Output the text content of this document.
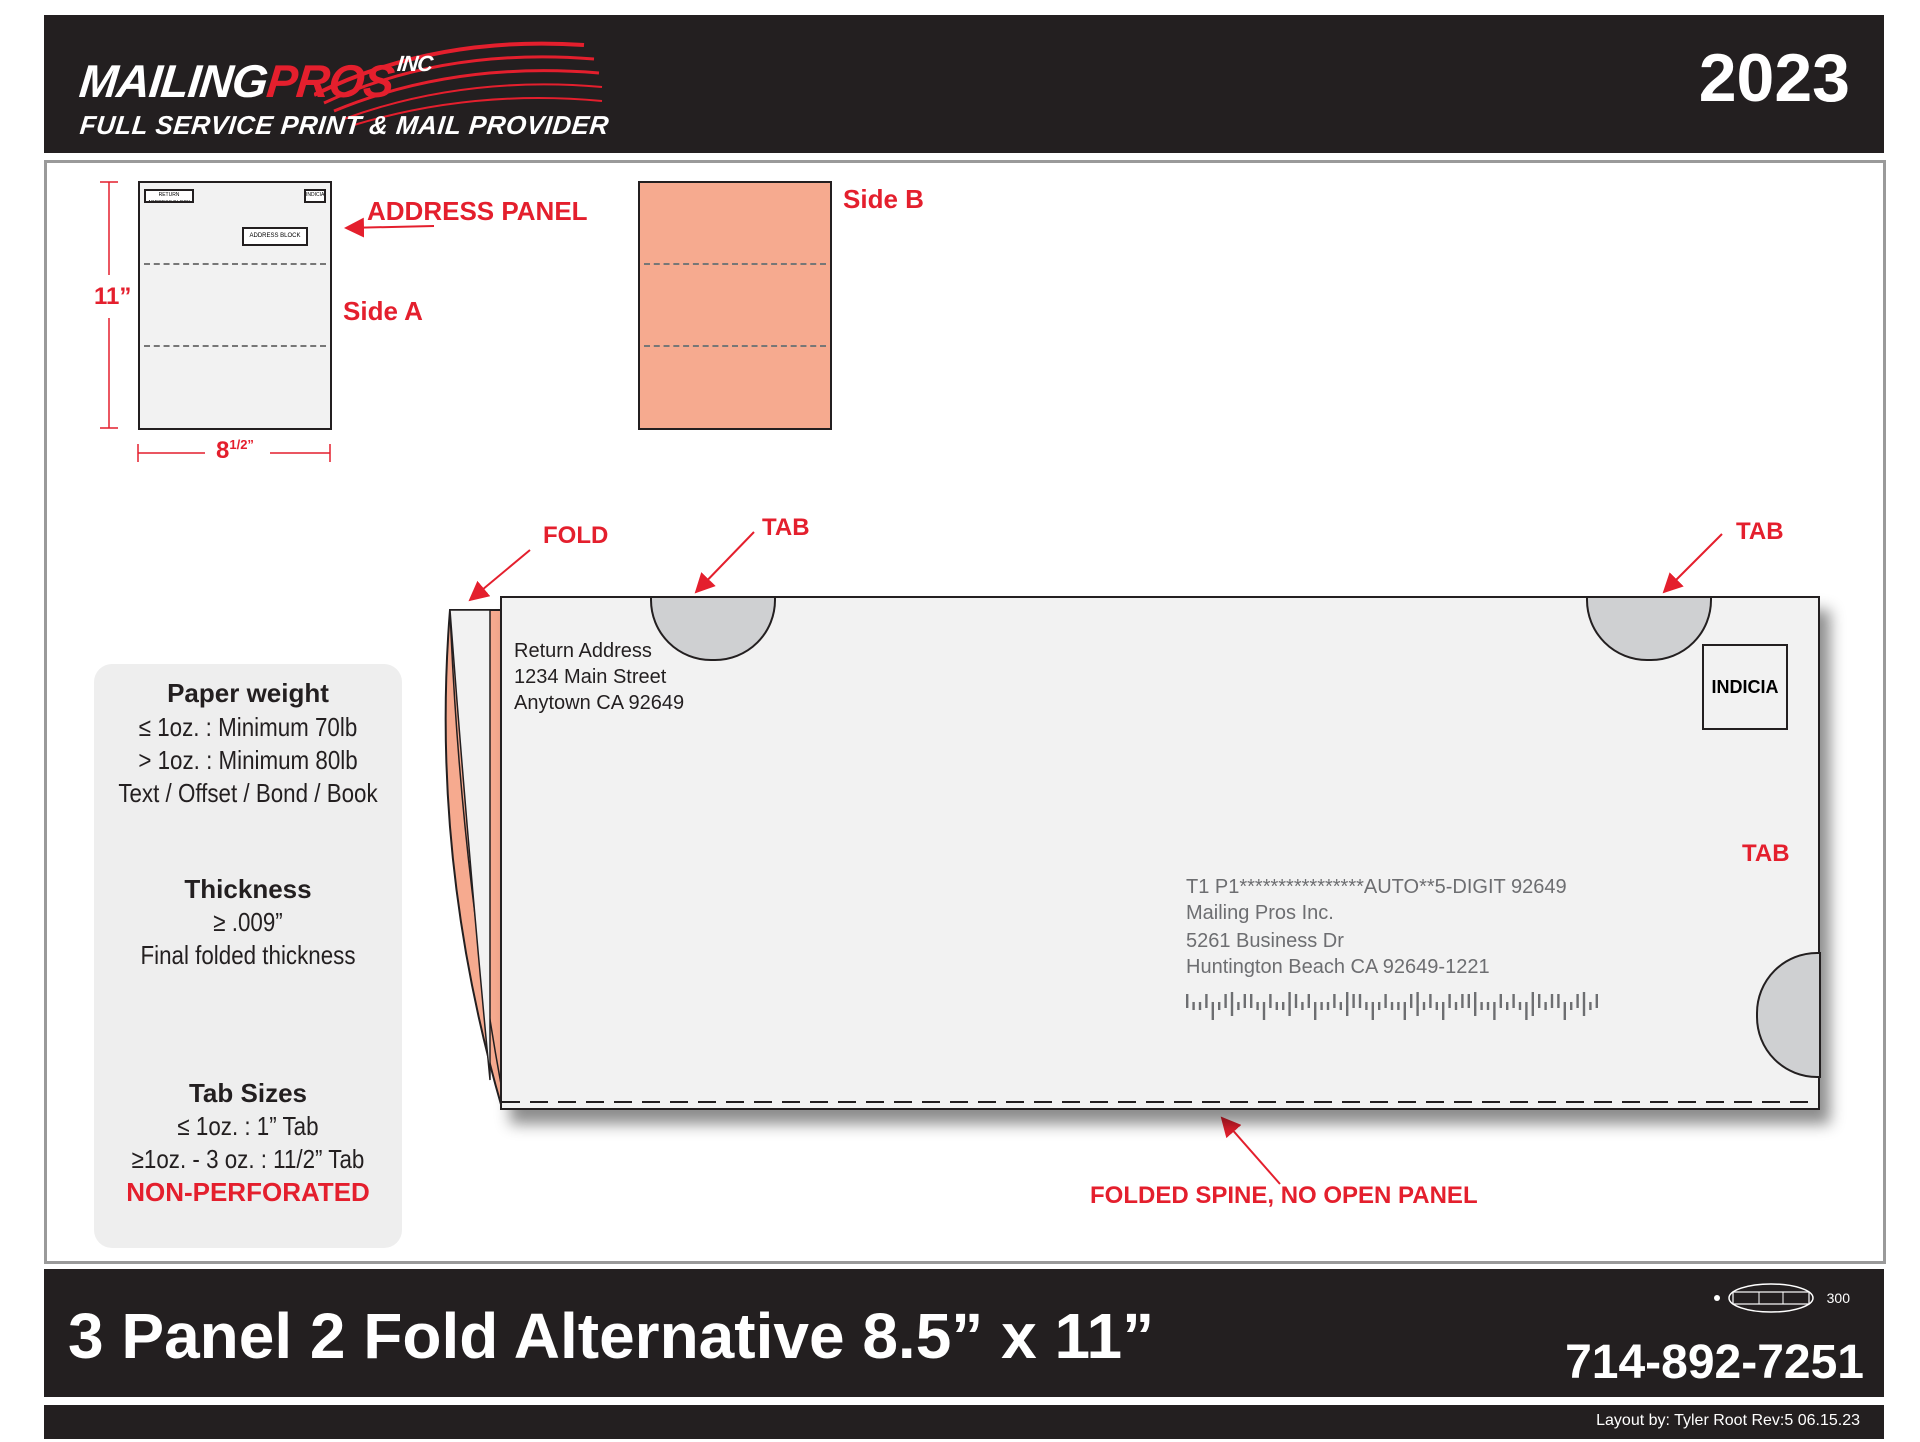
$MAILINGPROS^{INC}$
FULL SERVICE PRINT & MAIL PROVIDER
2023
11”
$8^{1/2”}$
RETURN ADDRESS BLOCK
INDICIA
ADDRESS BLOCK
ADDRESS PANEL
Side A
Side B
Paper weight
≤ 1oz. : Minimum 70lb
> 1oz. : Minimum 80lb
Text / Offset / Bond / Book
Thickness
≥ .009”
Final folded thickness
Tab Sizes
≤ 1oz. : 1” Tab
≥1oz. - 3 oz. : 11/2” Tab
NON-PERFORATED
Return Address
1234 Main Street
Anytown CA 92649
INDICIA
T1 P1****************AUTO**5-DIGIT 92649
Mailing Pros Inc.
5261 Business Dr
Huntington Beach CA 92649-1221
FOLD	TAB	TAB
TAB
FOLDED SPINE, NO OPEN PANEL
3 Panel 2 Fold Alternative 8.5” x 11”
300
714-892-7251
Layout by: Tyler Root Rev:5 06.15.23
